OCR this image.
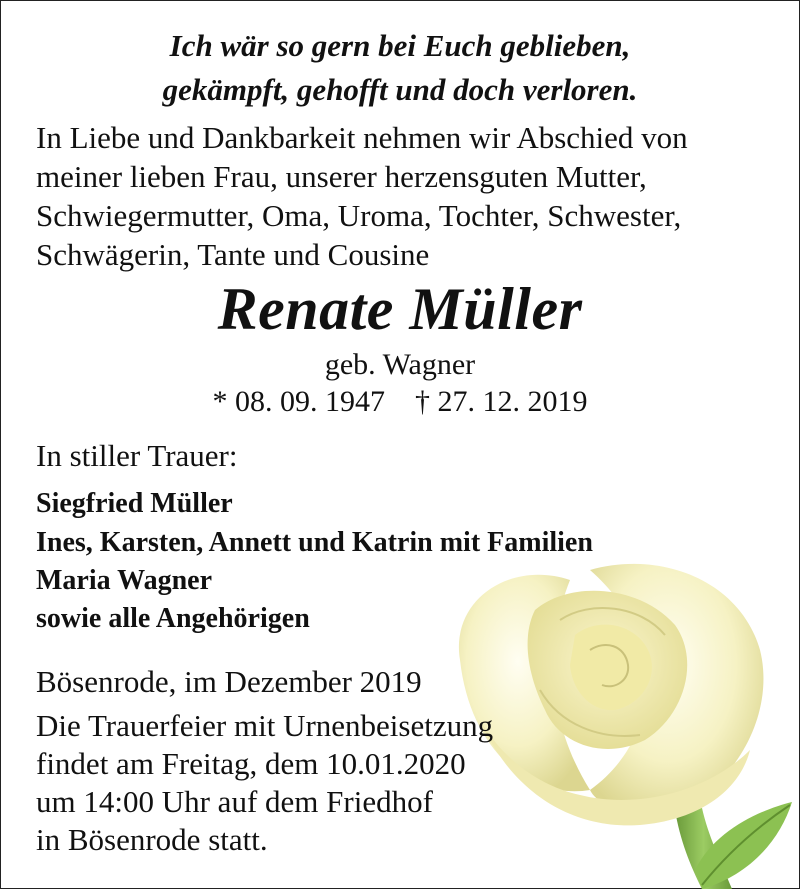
Ich wär so gern bei Euch geblieben,
gekämpft, gehofft und doch verloren.
In Liebe und Dankbarkeit nehmen wir Abschied von
meiner lieben Frau, unserer herzensguten Mutter,
Schwiegermutter, Oma, Uroma, Tochter, Schwester,
Schwägerin, Tante und Cousine
Renate Müller
geb. Wagner
* 08. 09. 1947    † 27. 12. 2019
In stiller Trauer:
Siegfried Müller
Ines, Karsten, Annett und Katrin mit Familien
Maria Wagner
sowie alle Angehörigen
Bösenrode, im Dezember 2019
Die Trauerfeier mit Urnenbeisetzung
findet am Freitag, dem 10.01.2020
um 14:00 Uhr auf dem Friedhof
in Bösenrode statt.
